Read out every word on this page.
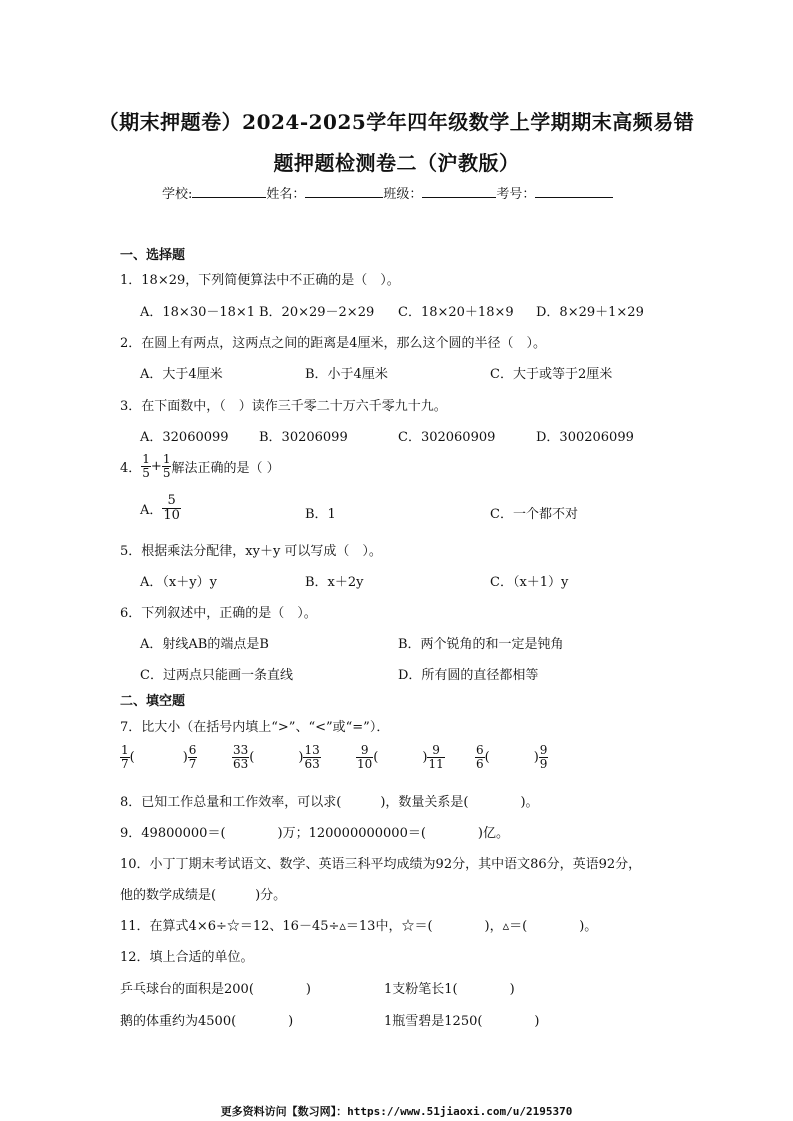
（期末押题卷）2024-2025学年四年级数学上学期期末高频易错
题押题检测卷二（沪教版）
学校:	姓名：	班级：	考号：
一、选择题
1．18×29，下列简便算法中不正确的是（　）。
A．18×30－18×1 B．20×29－2×29 C．18×20＋18×9 D．8×29＋1×29
2．在圆上有两点，这两点之间的距离是4厘米，那么这个圆的半径（　）。
A．大于4厘米	B．小于4厘米	C．大于或等于2厘米
3．在下面数中，（　）读作三千零二十万六千零九十九。
A．32060099 B．30206099	C．302060909	D．300206099
4． $\frac{1}{5} + \frac{1}{5}$ 解法正确的是（ ）
A． $\frac{5}{10}$	B．1	C．一个都不对
5．根据乘法分配律，xy＋y 可以写成（　）。
A．（x＋y）y	B．x＋2y	C．（x＋1）y
6．下列叙述中，正确的是（　）。
A．射线AB的端点是B	B．两个锐角的和一定是钝角
C．过两点只能画一条直线	D．所有圆的直径都相等
二、填空题
7．比大小（在括号内填上“>”、“<”或“=”）．
$\frac{1}{7}$ (	) $\frac{6}{7}$	$\frac{33}{63}$ (	) $\frac{13}{63}$	$\frac{9}{10}$ (	) $\frac{9}{11}$	$\frac{6}{6}$ (	) $\frac{9}{9}$
8．已知工作总量和工作效率，可以求(　　　)，数量关系是(　　　　)。
9．49800000＝(　　　　)万；120000000000＝(　　　　)亿。
10．小丁丁期末考试语文、数学、英语三科平均成绩为92分，其中语文86分，英语92分，
他的数学成绩是(　　　)分。
11．在算式4×6÷☆＝12、16－45÷▵＝13中，☆＝(　　　　)，▵＝(　　　　)。
12．填上合适的单位。
乒乓球台的面积是200(　　　　)	1支粉笔长1(　　　　)
鹅的体重约为4500(　　　　)	1瓶雪碧是1250(　　　　)
更多资料访问【数习网】：https://www.51jiaoxi.com/u/2195370
